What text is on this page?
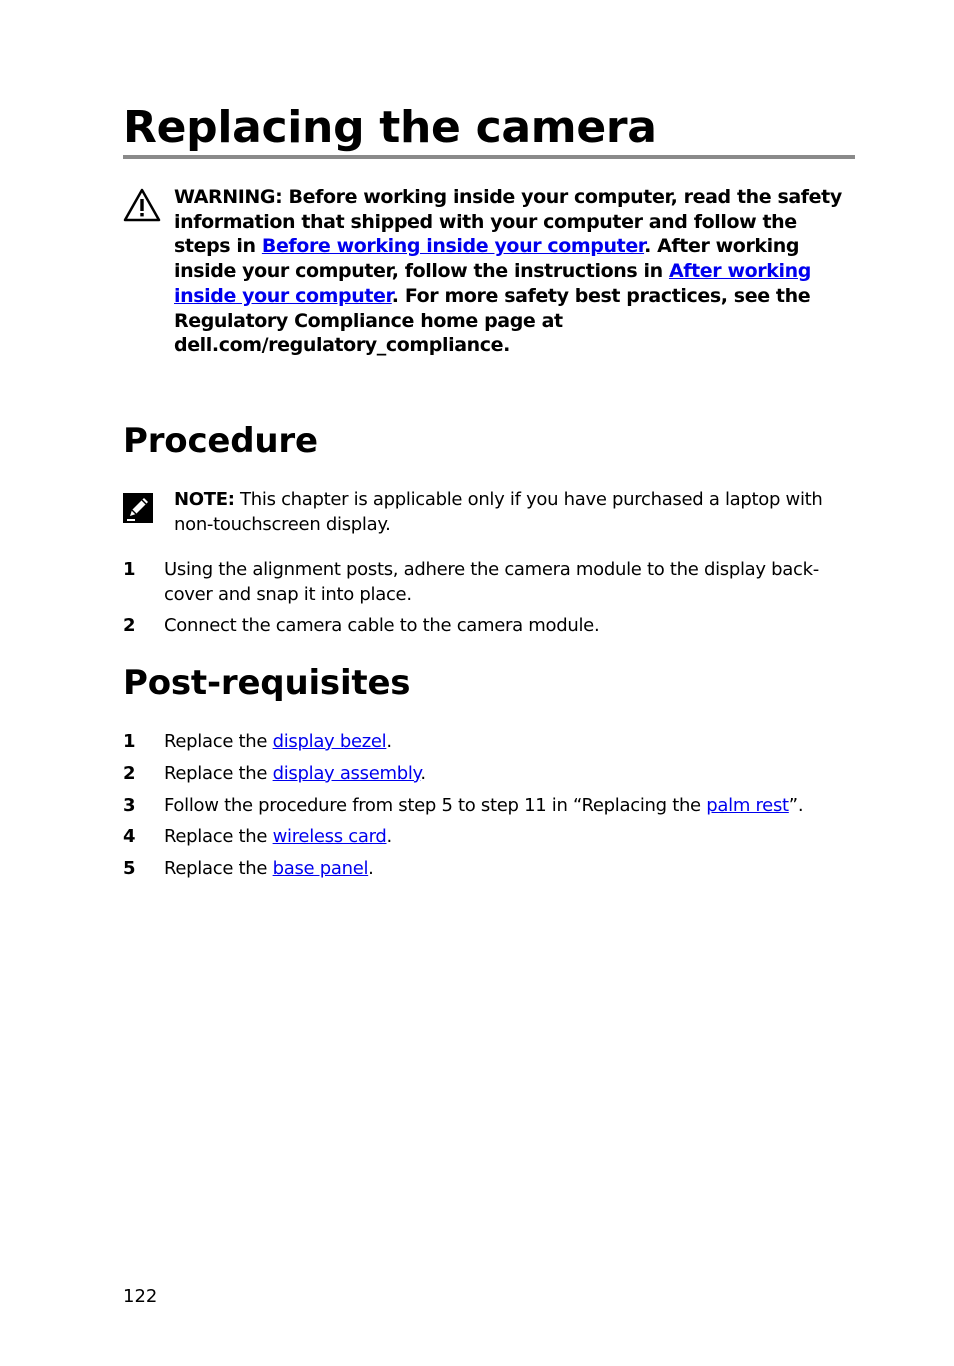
Replacing the camera
WARNING: Before working inside your computer, read the safety information that shipped with your computer and follow the steps in Before working inside your computer. After working inside your computer, follow the instructions in After working inside your computer. For more safety best practices, see the Regulatory Compliance home page at dell.com/regulatory_compliance.
Procedure
NOTE: This chapter is applicable only if you have purchased a laptop with non-touchscreen display.
1 Using the alignment posts, adhere the camera module to the display back-cover and snap it into place.
2 Connect the camera cable to the camera module.
Post-requisites
1 Replace the display bezel.
2 Replace the display assembly.
3 Follow the procedure from step 5 to step 11 in “Replacing the palm rest”.
4 Replace the wireless card.
5 Replace the base panel.
122
